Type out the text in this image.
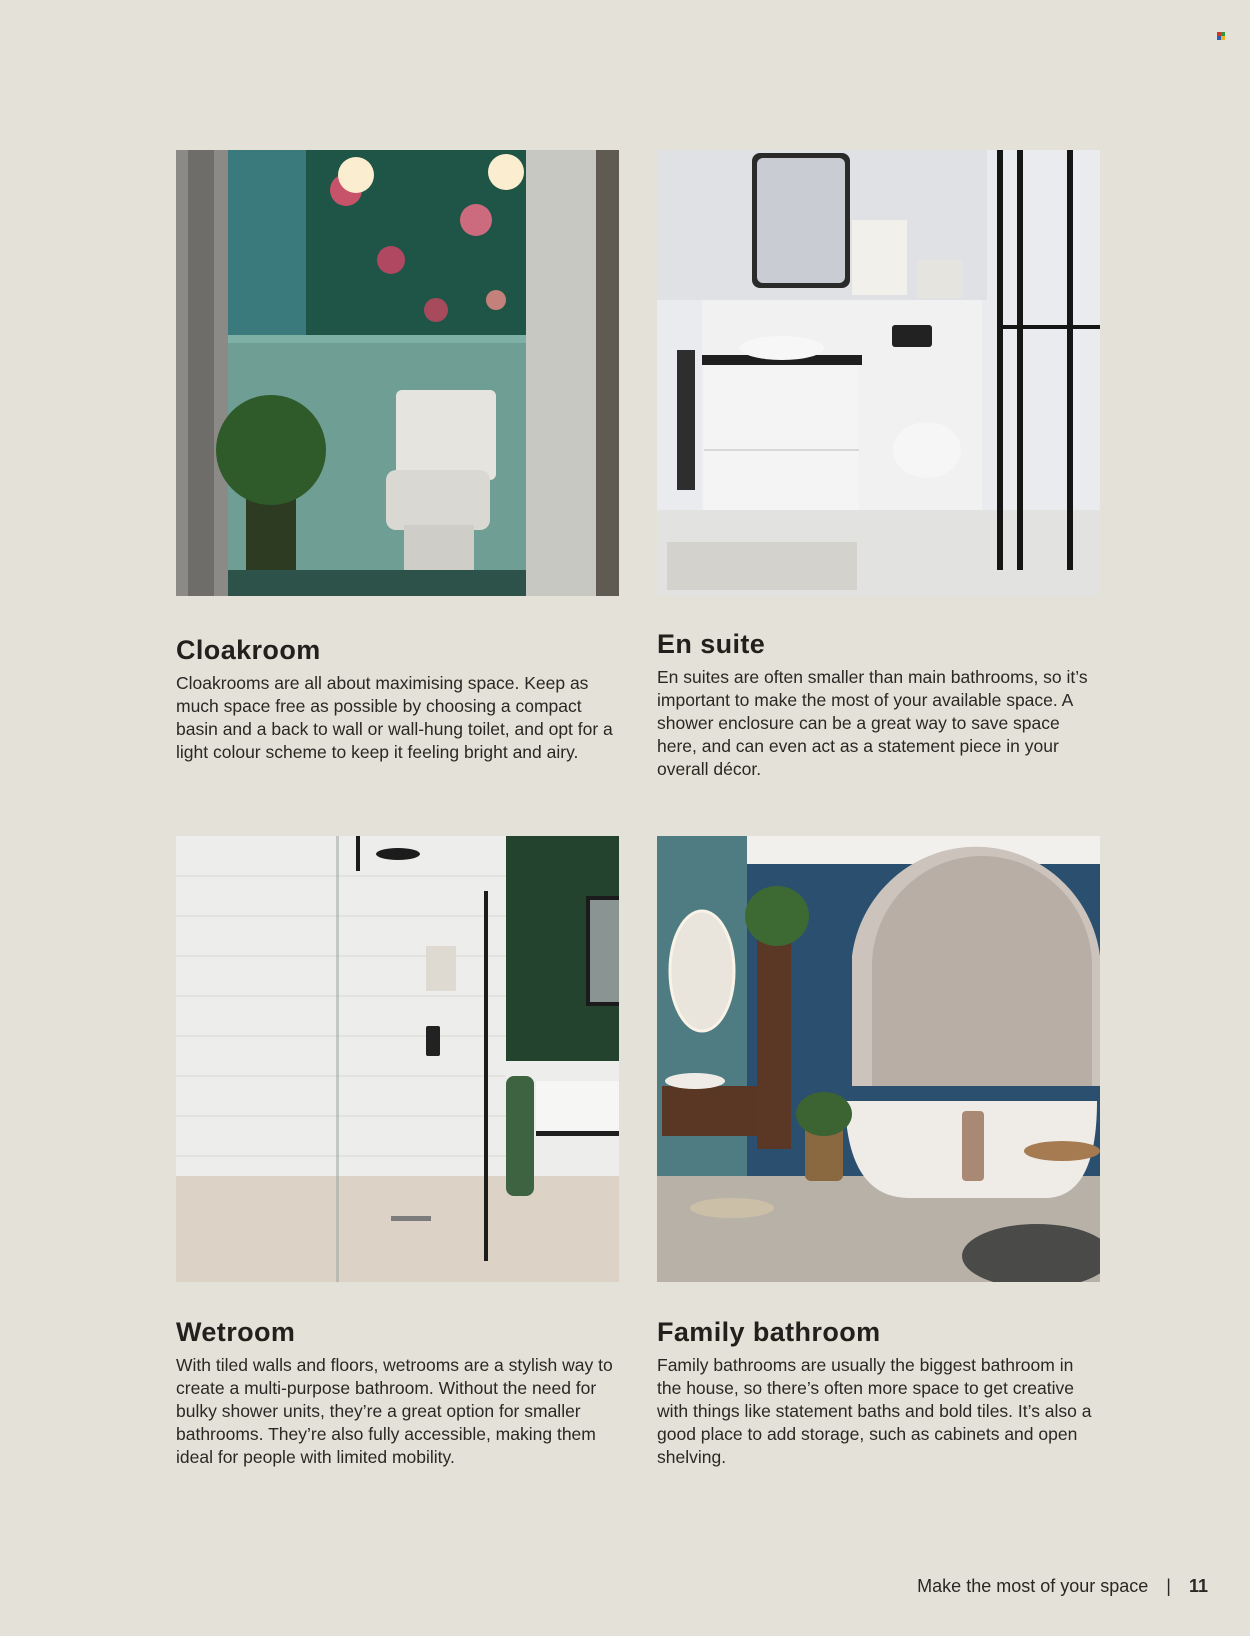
Cloakroom

Cloakrooms are all about maximising space. Keep as much space free as possible by choosing a compact basin and a back to wall or wall-hung toilet, and opt for a light colour scheme to keep it feeling bright and airy.

En suite

En suites are often smaller than main bathrooms, so it’s important to make the most of your available space. A shower enclosure can be a great way to save space here, and can even act as a statement piece in your overall décor.

Wetroom

With tiled walls and floors, wetrooms are a stylish way to create a multi-purpose bathroom. Without the need for bulky shower units, they’re a great option for smaller bathrooms. They’re also fully accessible, making them ideal for people with limited mobility.

Family bathroom

Family bathrooms are usually the biggest bathroom in the house, so there’s often more space to get creative with things like statement baths and bold tiles. It’s also a good place to add storage, such as cabinets and open shelving.

Make the most of your space | 11
